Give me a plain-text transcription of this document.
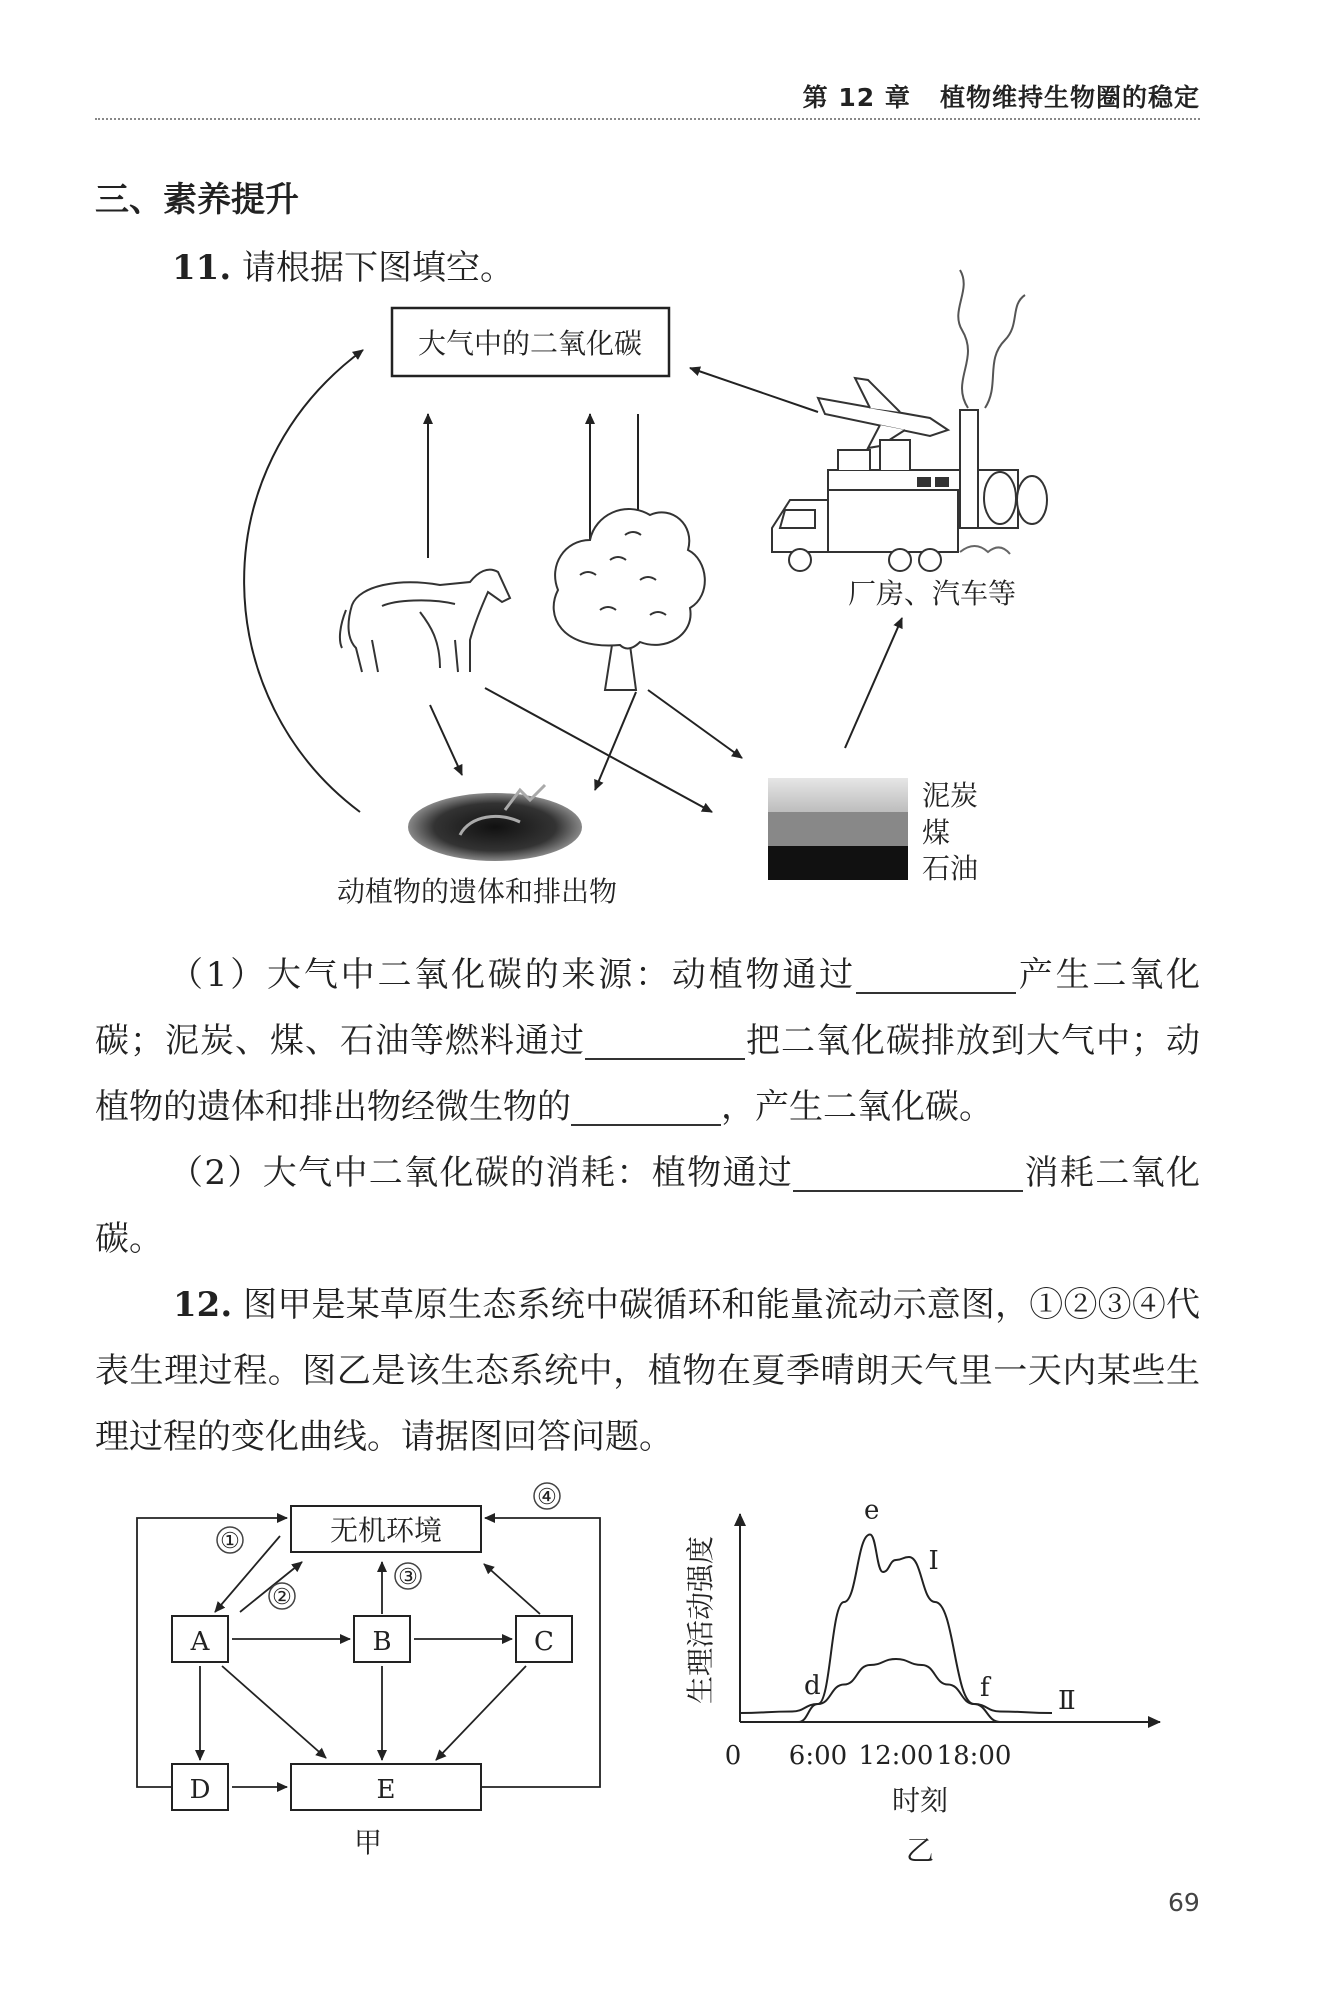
第 12 章 植物维持生物圈的稳定
三、素养提升
11. 请根据下图填空。
大气中的二氧化碳
厂房、汽车等
动植物的遗体和排出物
泥炭
煤
石油
（1）大气中二氧化碳的来源：动植物通过	产生二氧化碳；泥炭、煤、石油等燃料通过	把二氧化碳排放到大气中；动植物的遗体和排出物经微生物的	，产生二氧化碳。
（2）大气中二氧化碳的消耗：植物通过	消耗二氧化碳。
12. 图甲是某草原生态系统中碳循环和能量流动示意图，①②③④代表生理过程。图乙是该生态系统中，植物在夏季晴朗天气里一天内某些生理过程的变化曲线。请据图回答问题。
无机环境
A	B	C
D	E
①
②
③
④
甲
生理活动强度
时刻
0 6:00 12:00 18:00
Ⅰ
Ⅱ
d
e
f
乙
69
